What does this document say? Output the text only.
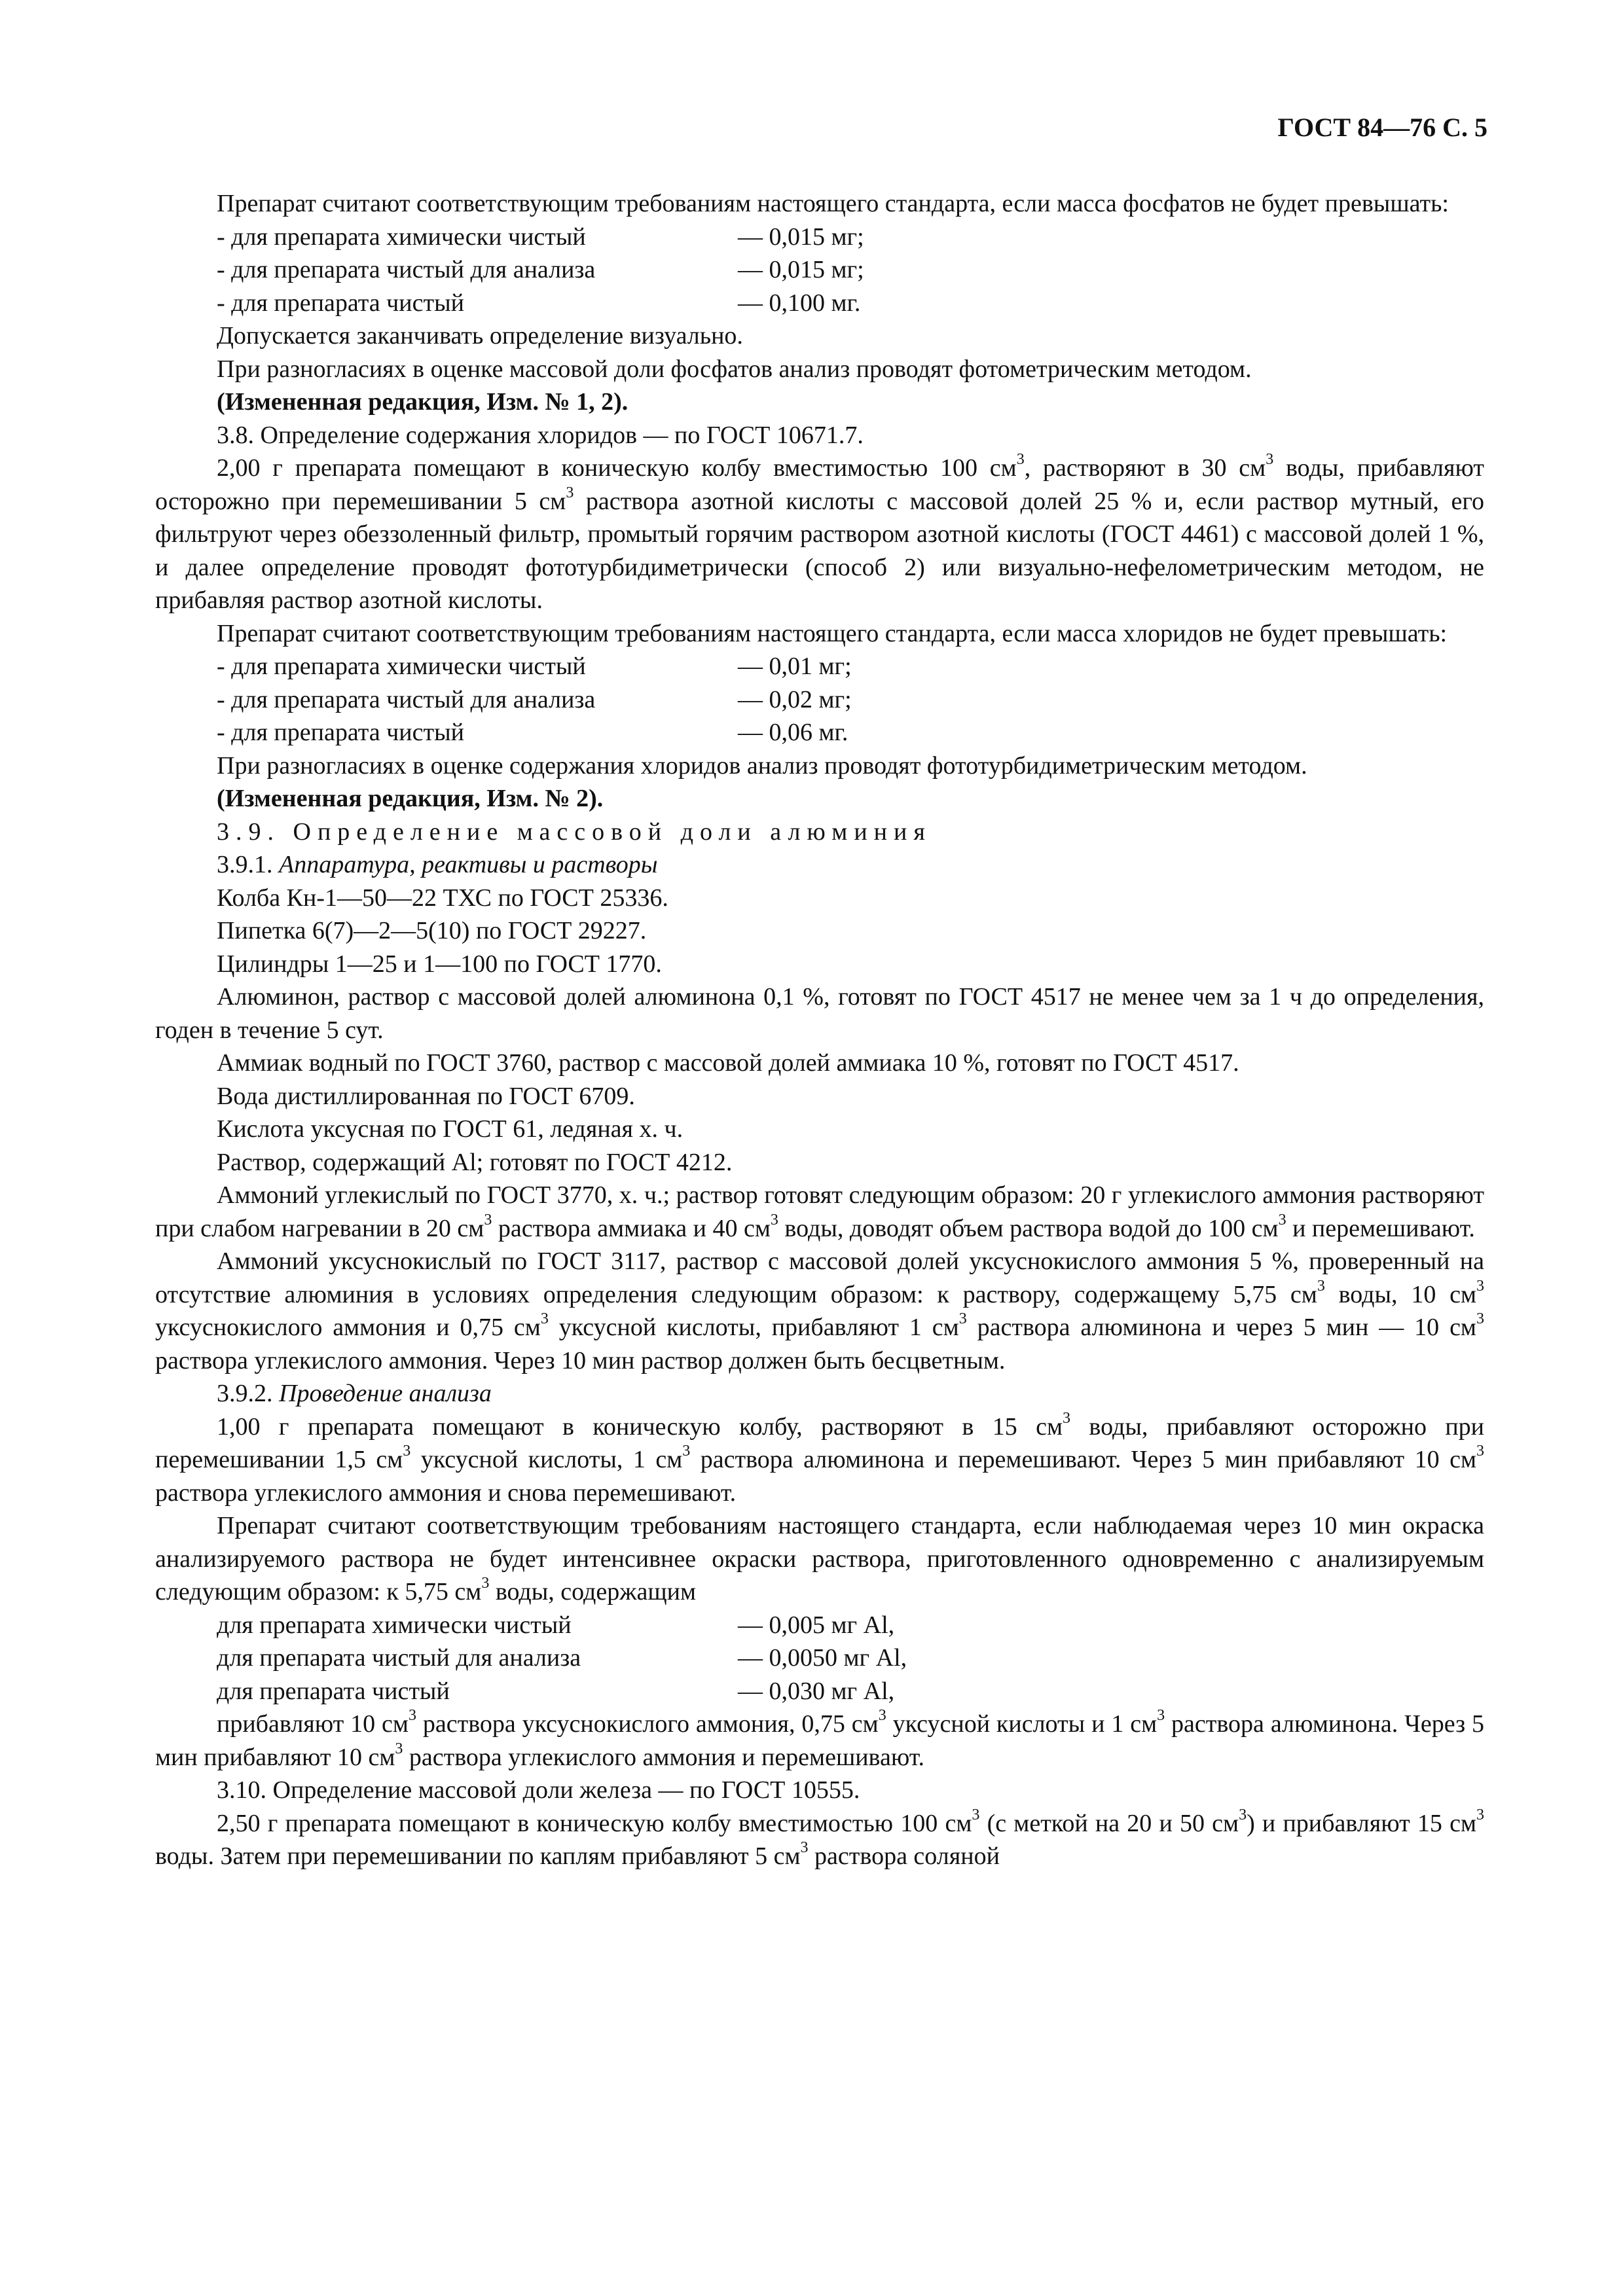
ГОСТ 84—76 С. 5
Препарат считают соответствующим требованиям настоящего стандарта, если масса фосфатов не будет превышать:
- для препарата химически чистый	— 0,015 мг;
- для препарата чистый для анализа	— 0,015 мг;
- для препарата чистый	— 0,100 мг.
Допускается заканчивать определение визуально.
При разногласиях в оценке массовой доли фосфатов анализ проводят фотометрическим методом.
(Измененная редакция, Изм. № 1, 2).
3.8. Определение содержания хлоридов — по ГОСТ 10671.7.
2,00 г препарата помещают в коническую колбу вместимостью 100 $см^3$, растворяют в 30 $см^3$ воды, прибавляют осторожно при перемешивании 5 $см^3$ раствора азотной кислоты с массовой долей 25 % и, если раствор мутный, его фильтруют через обеззоленный фильтр, промытый горячим раствором азотной кислоты (ГОСТ 4461) с массовой долей 1 %, и далее определение проводят фототурбидиметрически (способ 2) или визуально-нефелометрическим методом, не прибавляя раствор азотной кислоты.
Препарат считают соответствующим требованиям настоящего стандарта, если масса хлоридов не будет превышать:
- для препарата химически чистый	— 0,01 мг;
- для препарата чистый для анализа	— 0,02 мг;
- для препарата чистый	— 0,06 мг.
При разногласиях в оценке содержания хлоридов анализ проводят фототурбидиметрическим методом.
(Измененная редакция, Изм. № 2).
3.9. Определение массовой доли алюминия
3.9.1. Аппаратура, реактивы и растворы
Колба Кн-1—50—22 ТХС по ГОСТ 25336.
Пипетка 6(7)—2—5(10) по ГОСТ 29227.
Цилиндры 1—25 и 1—100 по ГОСТ 1770.
Алюминон, раствор с массовой долей алюминона 0,1 %, готовят по ГОСТ 4517 не менее чем за 1 ч до определения, годен в течение 5 сут.
Аммиак водный по ГОСТ 3760, раствор с массовой долей аммиака 10 %, готовят по ГОСТ 4517.
Вода дистиллированная по ГОСТ 6709.
Кислота уксусная по ГОСТ 61, ледяная х. ч.
Раствор, содержащий Al; готовят по ГОСТ 4212.
Аммоний углекислый по ГОСТ 3770, х. ч.; раствор готовят следующим образом: 20 г углекислого аммония растворяют при слабом нагревании в 20 $см^3$ раствора аммиака и 40 $см^3$ воды, доводят объем раствора водой до 100 $см^3$ и перемешивают.
Аммоний уксуснокислый по ГОСТ 3117, раствор с массовой долей уксуснокислого аммония 5 %, проверенный на отсутствие алюминия в условиях определения следующим образом: к раствору, содержащему 5,75 $см^3$ воды, 10 $см^3$ уксуснокислого аммония и 0,75 $см^3$ уксусной кислоты, прибавляют 1 $см^3$ раствора алюминона и через 5 мин — 10 $см^3$ раствора углекислого аммония. Через 10 мин раствор должен быть бесцветным.
3.9.2. Проведение анализа
1,00 г препарата помещают в коническую колбу, растворяют в 15 $см^3$ воды, прибавляют осторожно при перемешивании 1,5 $см^3$ уксусной кислоты, 1 $см^3$ раствора алюминона и перемешивают. Через 5 мин прибавляют 10 $см^3$ раствора углекислого аммония и снова перемешивают.
Препарат считают соответствующим требованиям настоящего стандарта, если наблюдаемая через 10 мин окраска анализируемого раствора не будет интенсивнее окраски раствора, приготовленного одновременно с анализируемым следующим образом: к 5,75 $см^3$ воды, содержащим
для препарата химически чистый	— 0,005 мг Al,
для препарата чистый для анализа	— 0,0050 мг Al,
для препарата чистый	— 0,030 мг Al,
прибавляют 10 $см^3$ раствора уксуснокислого аммония, 0,75 $см^3$ уксусной кислоты и 1 $см^3$ раствора алюминона. Через 5 мин прибавляют 10 $см^3$ раствора углекислого аммония и перемешивают.
3.10. Определение массовой доли железа — по ГОСТ 10555.
2,50 г препарата помещают в коническую колбу вместимостью 100 $см^3$ (с меткой на 20 и 50 $см^3$) и прибавляют 15 $см^3$ воды. Затем при перемешивании по каплям прибавляют 5 $см^3$ раствора соляной
